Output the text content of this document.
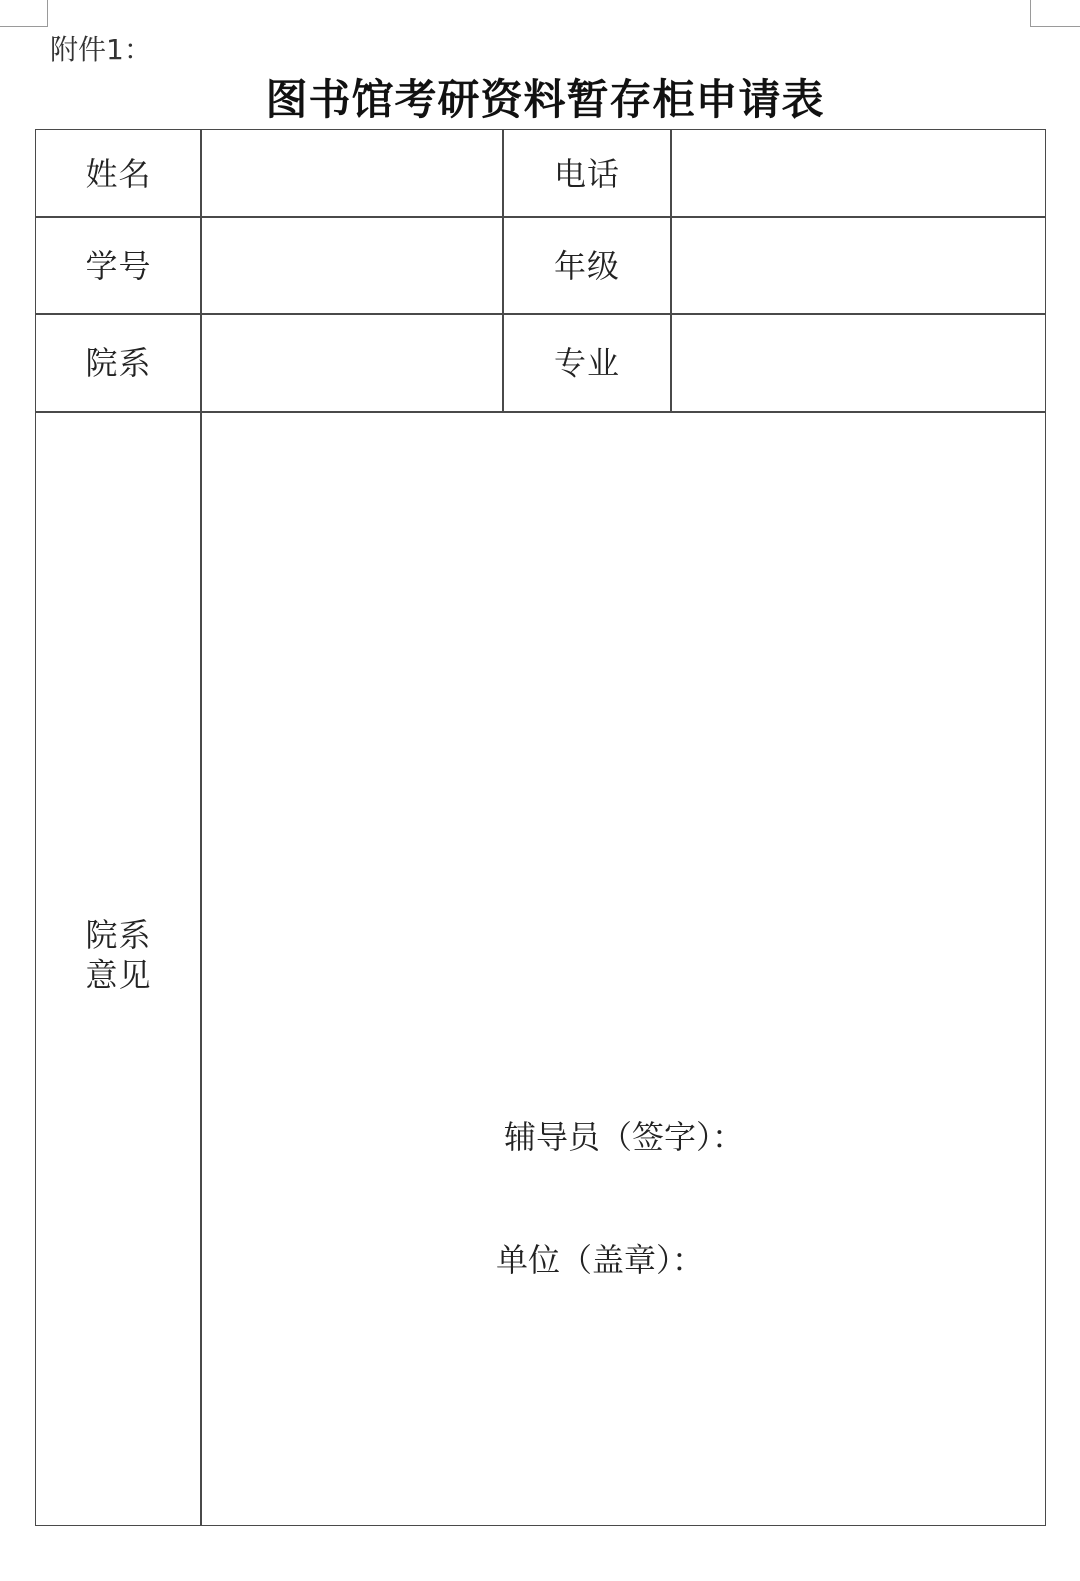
附件1：
图书馆考研资料暂存柜申请表
姓名	电话
学号	年级
院系	专业
院系
意见
辅导员（签字）：
单位（盖章）：
